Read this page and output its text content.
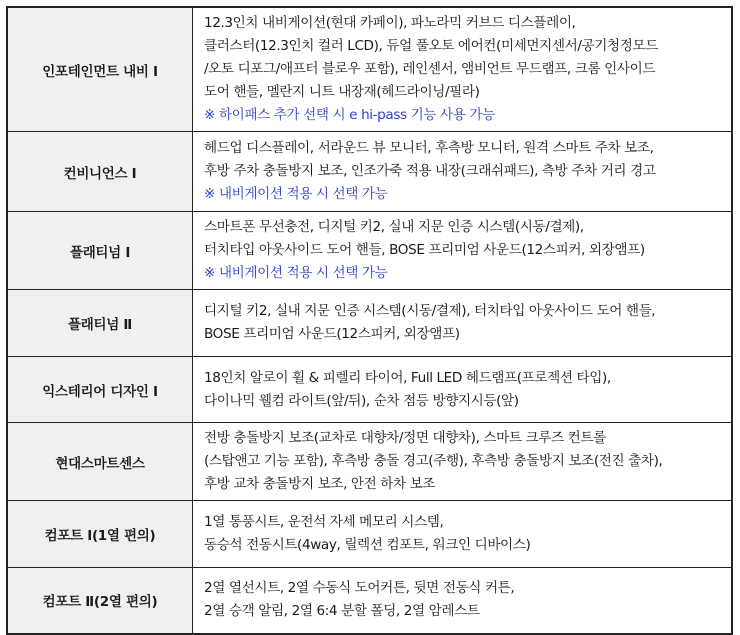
인포테인먼트 내비 Ⅰ	12.3인치 내비게이션(현대 카페이), 파노라믹 커브드 디스플레이,
클러스터(12.3인치 컬러 LCD), 듀얼 풀오토 에어컨(미세먼지센서/공기청정모드
/오토 디포그/애프터 블로우 포함), 레인센서, 앰비언트 무드램프, 크롬 인사이드
도어 핸들, 멜란지 니트 내장재(헤드라이닝/필라)
※ 하이패스 추가 선택 시 e hi-pass 기능 사용 가능

컨비니언스 Ⅰ	헤드업 디스플레이, 서라운드 뷰 모니터, 후측방 모니터, 원격 스마트 주차 보조,
후방 주차 충돌방지 보조, 인조가죽 적용 내장(크래쉬패드), 측방 주차 거리 경고
※ 내비게이션 적용 시 선택 가능

플래티넘 Ⅰ	스마트폰 무선충전, 디지털 키2, 실내 지문 인증 시스템(시동/결제),
터치타입 아웃사이드 도어 핸들, BOSE 프리미엄 사운드(12스피커, 외장앰프)
※ 내비게이션 적용 시 선택 가능

플래티넘 Ⅱ	디지털 키2, 실내 지문 인증 시스템(시동/결제), 터치타입 아웃사이드 도어 핸들,
BOSE 프리미엄 사운드(12스피커, 외장앰프)

익스테리어 디자인 Ⅰ	18인치 알로이 휠 & 피렐리 타이어, Full LED 헤드램프(프로젝션 타입),
다이나믹 웰컴 라이트(앞/뒤), 순차 점등 방향지시등(앞)

현대스마트센스	전방 충돌방지 보조(교차로 대향차/정면 대향차), 스마트 크루즈 컨트롤
(스탑앤고 기능 포함), 후측방 충돌 경고(주행), 후측방 충돌방지 보조(전진 출차),
후방 교차 충돌방지 보조, 안전 하차 보조

컴포트 Ⅰ(1열 편의)	1열 통풍시트, 운전석 자세 메모리 시스템,
동승석 전동시트(4way, 릴렉션 컴포트, 워크인 디바이스)

컴포트 Ⅱ(2열 편의)	2열 열선시트, 2열 수동식 도어커튼, 뒷면 전동식 커튼,
2열 승객 알림, 2열 6:4 분할 폴딩, 2열 암레스트
